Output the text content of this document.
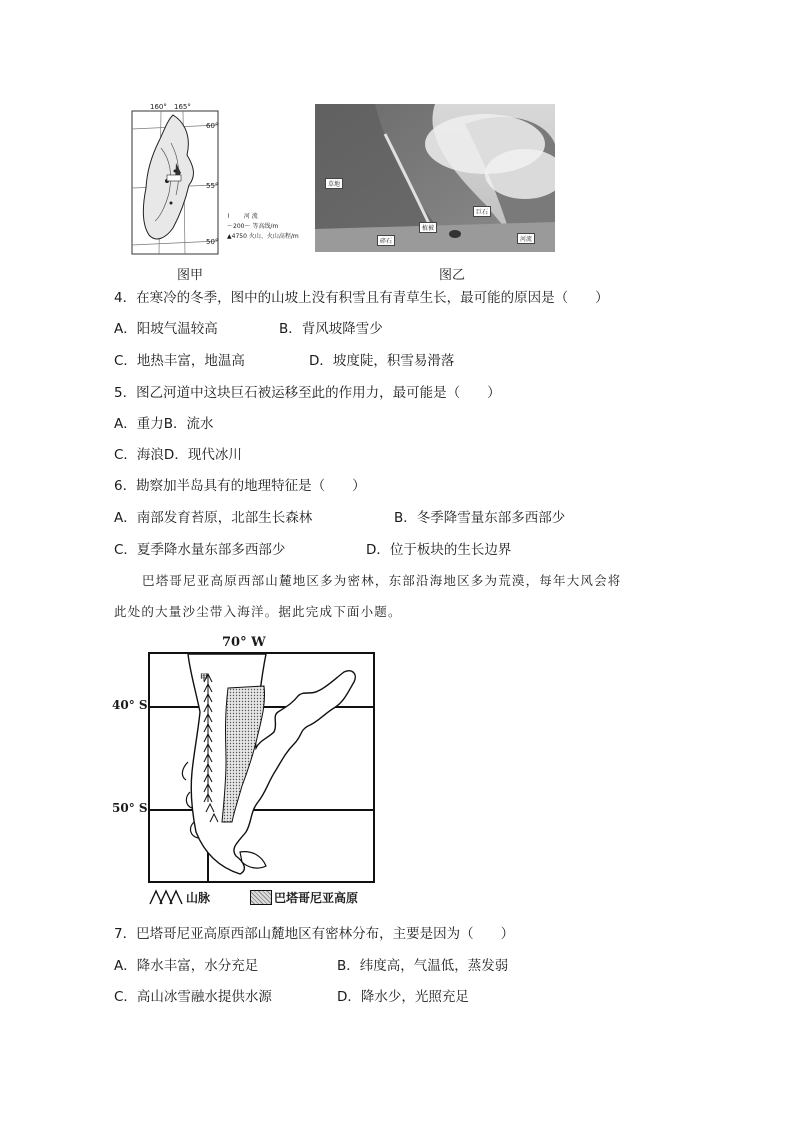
160° 165°
60°
55°
50°
⌇ 河 流
～200～ 等高线/m
▲4750 火山、火山高程/m
草地
植被
巨石
碎石	河流
图甲	图乙
4．在寒冷的冬季，图中的山坡上没有积雪且有青草生长，最可能的原因是（　　）
A．阳坡气温较高	B．背风坡降雪少
C．地热丰富，地温高	D．坡度陡，积雪易滑落
5．图乙河道中这块巨石被运移至此的作用力，最可能是（　　）
A．重力B．流水
C．海浪D．现代冰川
6．勘察加半岛具有的地理特征是（　　）
A．南部发育苔原，北部生长森林	B．冬季降雪量东部多西部少
C．夏季降水量东部多西部少	D．位于板块的生长边界
巴塔哥尼亚高原西部山麓地区多为密林，东部沿海地区多为荒漠，每年大风会将
此处的大量沙尘带入海洋。据此完成下面小题。
70° W
40° S
50° S
甲
山脉	巴塔哥尼亚高原
7．巴塔哥尼亚高原西部山麓地区有密林分布，主要是因为（　　）
A．降水丰富，水分充足	B．纬度高，气温低，蒸发弱
C．高山冰雪融水提供水源	D．降水少，光照充足
